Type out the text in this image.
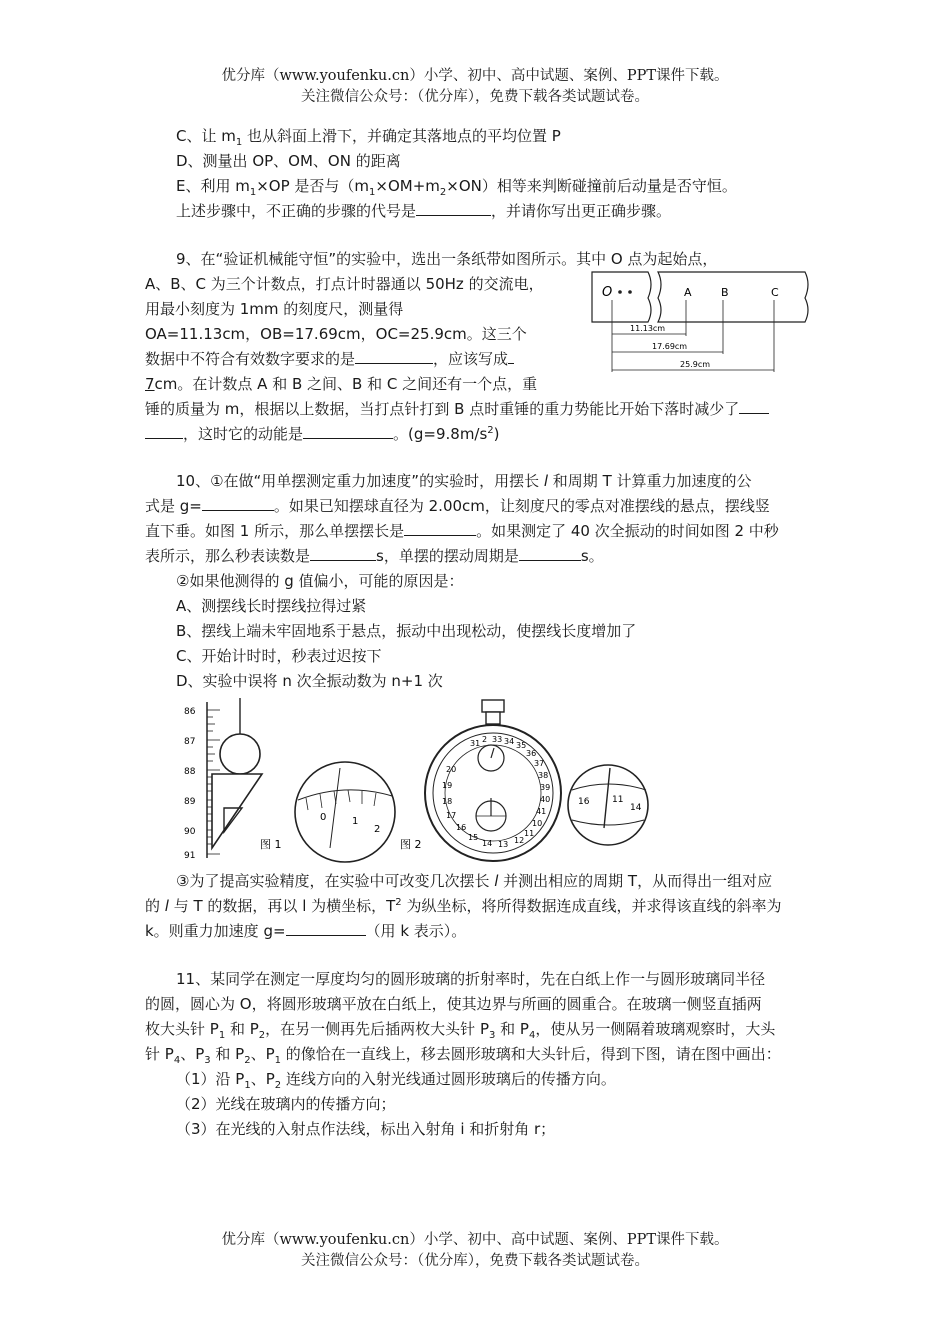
优分库（www.youfenku.cn）小学、初中、高中试题、案例、PPT课件下载。
关注微信公众号：（优分库），免费下载各类试题试卷。
C、让 $m_1$ 也从斜面上滑下，并确定其落地点的平均位置 P
D、测量出 OP、OM、ON 的距离
E、利用 $m_1\times OP$ 是否与$(m_1\times OM+m_2\times ON)$相等来判断碰撞前后动量是否守恒。
上述步骤中，不正确的步骤的代号是	，并请你写出更正确步骤。
9、在“验证机械能守恒”的实验中，选出一条纸带如图所示。其中 O 点为起始点，
A、B、C 为三个计数点，打点计时器通以 50Hz 的交流电，
用最小刻度为 1mm 的刻度尺，测量得
OA=11.13cm，OB=17.69cm，OC=25.9cm。这三个
数据中不符合有效数字要求的是	，应该写成
7cm。在计数点 A 和 B 之间、B 和 C 之间还有一个点，重
锤的质量为 m，根据以上数据，当打点针打到 B 点时重锤的重力势能比开始下落时减少了
，这时它的动能是	。$(g=9.8m/s^2)$
O	A	B	C
11.13cm
17.69cm
25.9cm
10、①在做“用单摆测定重力加速度”的实验时，用摆长 l 和周期 T 计算重力加速度的公
式是 g=	。如果已知摆球直径为 2.00cm，让刻度尺的零点对准摆线的悬点，摆线竖
直下垂。如图 1 所示，那么单摆摆长是	。如果测定了 40 次全振动的时间如图 2 中秒
表所示，那么秒表读数是	s，单摆的摆动周期是	s。
②如果他测得的 g 值偏小，可能的原因是：
A、测摆线长时摆线拉得过紧
B、摆线上端未牢固地系于悬点，振动中出现松动，使摆线长度增加了
C、开始计时时，秒表过迟按下
D、实验中误将 n 次全振动数为 n+1 次
86
87
88
89
90
91
图 1
0	1
2
图 2
31 2 33 34 35
36
37
38
39
40
41
10
11
12
13
14
15
16
17
18
19
20
16	11
14
③为了提高实验精度，在实验中可改变几次摆长 l 并测出相应的周期 T，从而得出一组对应
的 l 与 T 的数据，再以 l 为横坐标，$T^2$ 为纵坐标，将所得数据连成直线，并求得该直线的斜率为
k。则重力加速度 g=	（用 k 表示）。
11、某同学在测定一厚度均匀的圆形玻璃的折射率时，先在白纸上作一与圆形玻璃同半径
的圆，圆心为 O，将圆形玻璃平放在白纸上，使其边界与所画的圆重合。在玻璃一侧竖直插两
枚大头针 $P_1$ 和 $P_2$，在另一侧再先后插两枚大头针 $P_3$ 和 $P_4$，使从另一侧隔着玻璃观察时，大头
针 $P_4$、$P_3$ 和 $P_2$、$P_1$ 的像恰在一直线上，移去圆形玻璃和大头针后，得到下图，请在图中画出：
（1）沿 $P_1$、$P_2$ 连线方向的入射光线通过圆形玻璃后的传播方向。
（2）光线在玻璃内的传播方向；
（3）在光线的入射点作法线，标出入射角 i 和折射角 r；
优分库（www.youfenku.cn）小学、初中、高中试题、案例、PPT课件下载。
关注微信公众号：（优分库），免费下载各类试题试卷。
